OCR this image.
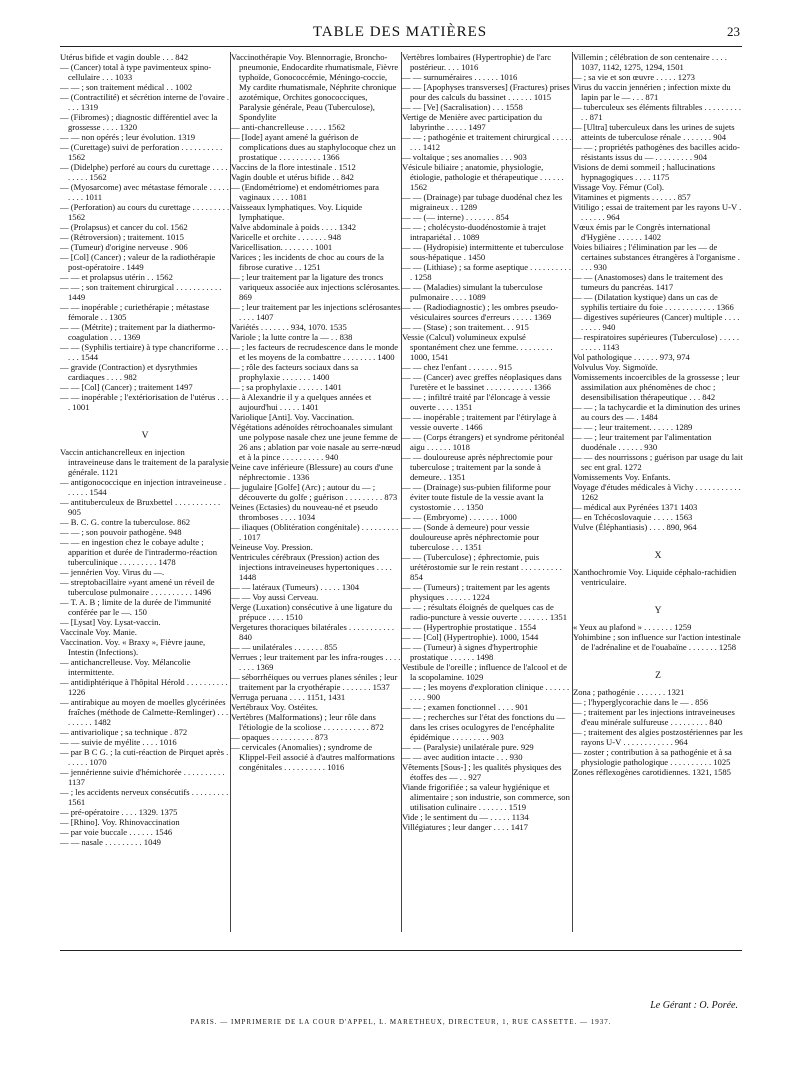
TABLE DES MATIÈRES	23

Utérus bifide et vagin double . . . 842

— (Cancer) total à type pavimenteux spino-cellulaire . . . 1033

— — ; son traitement médical . . 1002

— (Contractilité) et sécrétion interne de l'ovaire . . . . 1319

— (Fibromes) ; diagnostic différentiel avec la grossesse . . . . 1320

— — non opérés ; leur évolution. 1319

— (Curettage) suivi de perforation . . . . . . . . . . 1562

— (Didelphe) perforé au cours du curettage . . . . . . . . . 1562

— (Myosarcome) avec métastase fémorale . . . . . . . . . 1011

— (Perforation) au cours du curettage . . . . . . . . . 1562

— (Prolapsus) et cancer du col. 1562

— (Rétroversion) ; traitement. 1015

— (Tumeur) d'origine nerveuse . 906

— [Col] (Cancer) ; valeur de la radiothérapie post-opératoire . 1449

— — et prolapsus utérin . . 1562

— — ; son traitement chirurgical . . . . . . . . . . . 1449

— — inopérable ; curiethérapie ; métastase fémorale . . 1305

— — (Métrite) ; traitement par la diathermo-coagulation . . . 1369

— — (Syphilis tertiaire) à type chancriforme . . . . . . 1544

— gravide (Contraction) et dysrythmies cardiaques . . . . 982

— — [Col] (Cancer) ; traitement 1497

— — inopérable ; l'extériorisation de l'utérus . . . . 1001

V

Vaccin antichancrelleux en injection intraveineuse dans le traitement de la paralysie générale. 1121

— antigonococcique en injection intraveineuse . . . . . . 1544

— antituberculeux de Bruxbettel . . . . . . . . . . . 905

— B. C. G. contre la tuberculose. 862

— — ; son pouvoir pathogène. 948

— — en ingestion chez le cobaye adulte ; apparition et durée de l'intradermo-réaction tuberculinique . . . . . . . . . 1478

— jennérien Voy. Virus du —.

— streptobacillaire »yant amené un réveil de tuberculose pulmonaire . . . . . . . . . . 1496

— T. A. B ; limite de la durée de l'immunité conférée par le —. 150

— [Lysat] Voy. Lysat-vaccin.

Vaccinale Voy. Manie.

Vaccination. Voy. « Braxy », Fièvre jaune, Intestin (Infections).

— antichancrelleuse. Voy. Mélancolie intermittente.

— antidiphtérique à l'hôpital Hérold . . . . . . . . . . 1226

— antirabique au moyen de moelles glycérinées fraîches (méthode de Calmette-Remlinger) . . . . . . . . . 1482

— antivariolique ; sa technique . 872

— — suivie de myélite . . . . 1016

— par B C G. ; la cuti-réaction de Pirquet après . . . . . . 1070

— jennérienne suivie d'hémichorée . . . . . . . . . . 1137

— ; les accidents nerveux consécutifs . . . . . . . . . 1561

— pré-opératoire . . . . 1329. 1375

— [Rhino]. Voy. Rhinovaccination

— par voie buccale . . . . . . 1546

— — nasale . . . . . . . . . 1049

Vaccinothérapie Voy. Blennorragie, Broncho-pneumonie, Endocardite rhumatismale, Fièvre typhoïde, Gonococcémie, Méningo-coccie, My cardite rhumatismale, Néphrite chronique azotémique, Orchites gonococciques, Paralysie générale, Peau (Tuberculose), Spondylite

— anti-chancrelleuse . . . . . 1562

— [Iode] ayant amené la guérison de complications dues au staphylocoque chez un prostatique . . . . . . . . . . 1366

Vaccins de la flore intestinale . 1512

Vagin double et utérus bifide . . 842

— (Endométriome) et endométriomes para vaginaux . . . . 1081

Vaisseaux lymphatiques. Voy. Liquide lymphatique.

Valve abdominale à poids . . . . 1342

Varicelle et orchite . . . . . . . 948

Varicellisation. . . . . . . . 1001

Varices ; les incidents de choc au cours de la fibrose curative . . 1251

— ; leur traitement par la ligature des troncs variqueux associée aux injections sclérosantes. 869

— ; leur traitement par les injections sclérosantes . . . . 1407

Variétés . . . . . . . 934, 1070. 1535

Variole ; la lutte contre la — . . 838

— ; les facteurs de recrudescence dans le monde et les moyens de la combattre . . . . . . . . 1400

— ; rôle des facteurs sociaux dans sa prophylaxie . . . . . . . 1400

— ; sa prophylaxie . . . . . . 1401

— à Alexandrie il y a quelques années et aujourd'hui . . . . . 1401

Variolique [Anti]. Voy. Vaccination.

Végétations adénoïdes rétrochoanales simulant une polypose nasale chez une jeune femme de 26 ans ; ablation par voie nasale au serre-nœud et à la pince . . . . . . . . . . 940

Veine cave inférieure (Blessure) au cours d'une néphrectomie . 1336

— jugulaire [Golfe] (Arc) ; autour du — ; découverte du golfe ; guérison . . . . . . . . . 873

Veines (Ectasies) du nouveau-né et pseudo thromboses . . . . 1034

— iliaques (Oblitération congénitale) . . . . . . . . . . 1017

Veineuse Voy. Pression.

Ventricules cérébraux (Pression) action des injections intraveineuses hypertoniques . . . . 1448

— — latéraux (Tumeurs) . . . . . 1304

— — Voy aussi Cerveau.

Verge (Luxation) consécutive à une ligature du prépuce . . . . 1510

Vergetures thoraciques bilatérales . . . . . . . . . . . 840

— — unilatérales . . . . . . . 855

Verrues ; leur traitement par les infra-rouges . . . . . . . . 1369

— séborrhéiques ou verrues planes séniles ; leur traitement par la cryothérapie . . . . . . . 1537

Verruga peruana . . . . 1151, 1431

Vertébraux Voy. Ostéites.

Vertèbres (Malformations) ; leur rôle dans l'étiologie de la scoliose . . . . . . . . . . . 872

— opaques . . . . . . . . . . 873

— cervicales (Anomalies) ; syndrome de Klippel-Feil associé à d'autres malformations congénitales . . . . . . . . . . 1016

Vertèbres lombaires (Hypertrophie) de l'arc postérieur. . . . 1016

— — surnuméraires . . . . . . 1016

— — [Apophyses transverses] (Fractures) prises pour des calculs du bassinet . . . . . . 1015

— — [Ve] (Sacralisation) . . . 1558

Vertige de Menière avec participation du labyrinthe . . . . . 1497

— — ; pathogénie et traitement chirurgical . . . . . . . . 1412

— voltaïque ; ses anomalies . . . 903

Vésicule biliaire ; anatomie, physiologie, étiologie, pathologie et thérapeutique . . . . . . 1562

— — (Drainage) par tubage duodénal chez les migraineux . . 1289

— — (— interne) . . . . . . . 854

— — ; cholécysto-duodénostomie à trajet intrapariétal . . 1089

— — (Hydropisie) intermittente et tuberculose sous-hépatique . 1450

— — (Lithiase) ; sa forme aseptique . . . . . . . . . . . 1258

— — (Maladies) simulant la tuberculose pulmonaire . . . . 1089

— — (Radiodiagnostic) ; les ombres pseudo-vésiculaires sources d'erreurs . . . . . 1369

— — (Stase) ; son traitement. . . 915

Vessie (Calcul) volumineux expulsé spontanément chez une femme. . . . . . . . . 1000, 1541

— — chez l'enfant . . . . . . . 915

— — (Cancer) avec greffes néoplasiques dans l'uretère et le bassinet . . . . . . . . . . . 1366

— — ; infiltré traité par l'éloncage à vessie ouverte . . . . 1351

— — inopérable ; traitement par l'étirylage à vessie ouverte . 1466

— — (Corps étrangers) et syndrome péritonéal aigu . . . . . . 1018

— — douloureuse après néphrectomie pour tuberculose ; traitement par la sonde à demeure. . 1351

— — (Drainage) sus-pubien filiforme pour éviter toute fistule de la vessie avant la cystostomie . . . 1350

— — (Embryome) . . . . . . . 1000

— — (Sonde à demeure) pour vessie douloureuse après néphrectomie pour tuberculose . . . 1351

— — (Tuberculose) ; éphrectomie, puis urétérostomie sur le rein restant . . . . . . . . . . 854

— — (Tumeurs) ; traitement par les agents physiques . . . . . . 1224

— — ; résultats éloignés de quelques cas de radio-puncture à vessie ouverte . . . . . . . 1351

— — (Hypertrophie prostatique . 1554

— — [Col] (Hypertrophie). 1000, 1544

— — (Tumeur) à signes d'hypertrophie prostatique . . . . . . 1498

Vestibule de l'oreille ; influence de l'alcool et de la scopolamine. 1029

— — ; les moyens d'exploration clinique . . . . . . . . . . 900

— — ; examen fonctionnel . . . . 901

— — ; recherches sur l'état des fonctions du — dans les crises oculogyres de l'encéphalite épidémique . . . . . . . . . 903

— — (Paralysie) unilatérale pure. 929

— — avec audition intacte . . . 930

Vêtements [Sous-] ; les qualités physiques des étoffes des — . . 927

Viande frigorifiée ; sa valeur hygiénique et alimentaire ; son industrie, son commerce, son utilisation culinaire . . . . . . . 1519

Vide ; le sentiment du — . . . . . 1134

Villégiatures ; leur danger . . . . 1417

Villemin ; célébration de son centenaire . . . . 1037, 1142, 1275, 1294, 1501

— ; sa vie et son œuvre . . . . . 1273

Virus du vaccin jennérien ; infection mixte du lapin par le — . . . 871

— tuberculeux ses éléments filtrables . . . . . . . . . . . 871

— [Ultra] tuberculeux dans les urines de sujets atteints de tuberculose rénale . . . . . . . 904

— — ; propriétés pathogènes des bacilles acido-résistants issus du — . . . . . . . . . 904

Visions de demi sommeil ; hallucinations hypnagogiques . . . . 1175

Vissage Voy. Fémur (Col).

Vitamines et pigments . . . . . . 857

Vitiligo ; essai de traitement par les rayons U-V . . . . . . . 964

Vœux émis par le Congrès international d'Hygiène . . . . . . 1402

Voies biliaires ; l'élimination par les — de certaines substances étrangères à l'organisme . . . . 930

— — (Anastomoses) dans le traitement des tumeurs du pancréas. 1417

— — (Dilatation kystique) dans un cas de syphilis tertiaire du foie . . . . . . . . . . . . 1366

— digestives supérieures (Cancer) multiple . . . . . . . . . 940

— respiratoires supérieures (Tuberculose) . . . . . . . . . . 1143

Vol pathologique . . . . . . 973, 974

Volvulus Voy. Sigmoïde.

Vomissements incoercibles de la grossesse ; leur assimilation aux phénomènes de choc ; desensibilisation thérapeutique . . . 842

— — ; la tachycardie et la diminution des urines au cours des — . 1484

— — ; leur traitement. . . . . . 1289

— — ; leur traitement par l'alimentation duodénale . . . . . . 930

— — des nourrissons ; guérison par usage du lait sec ent gral. 1272

Vomissements Voy. Enfants.

Voyage d'études médicales à Vichy . . . . . . . . . . . 1262

— médical aux Pyrénées 1371 1403

— en Tchécoslovaquie . . . . . 1563

Vulve (Éléphantiasis) . . . . 890, 964

X

Xanthochromie Voy. Liquide céphalo-rachidien ventriculaire.

Y

« Yeux au plafond » . . . . . . . 1259

Yohimbine ; son influence sur l'action intestinale de l'adrénaline et de l'ouabaïne . . . . . . . 1258

Z

Zona ; pathogénie . . . . . . . 1321

— ; l'hyperglycorachie dans le — . 856

— ; traitement par les injections intraveineuses d'eau minérale sulfureuse . . . . . . . . . 840

— ; traitement des algies postzostériennes par les rayons U-V . . . . . . . . . . . . 964

— zoster ; contribution à sa pathogénie et à sa physiologie pathologique . . . . . . . . . . 1025

Zones réflexogènes carotidiennes. 1321, 1585

Le Gérant : O. Porée.
PARIS. — IMPRIMERIE DE LA COUR D'APPEL, L. MARETHEUX, DIRECTEUR, 1, RUE CASSETTE. — 1937.
